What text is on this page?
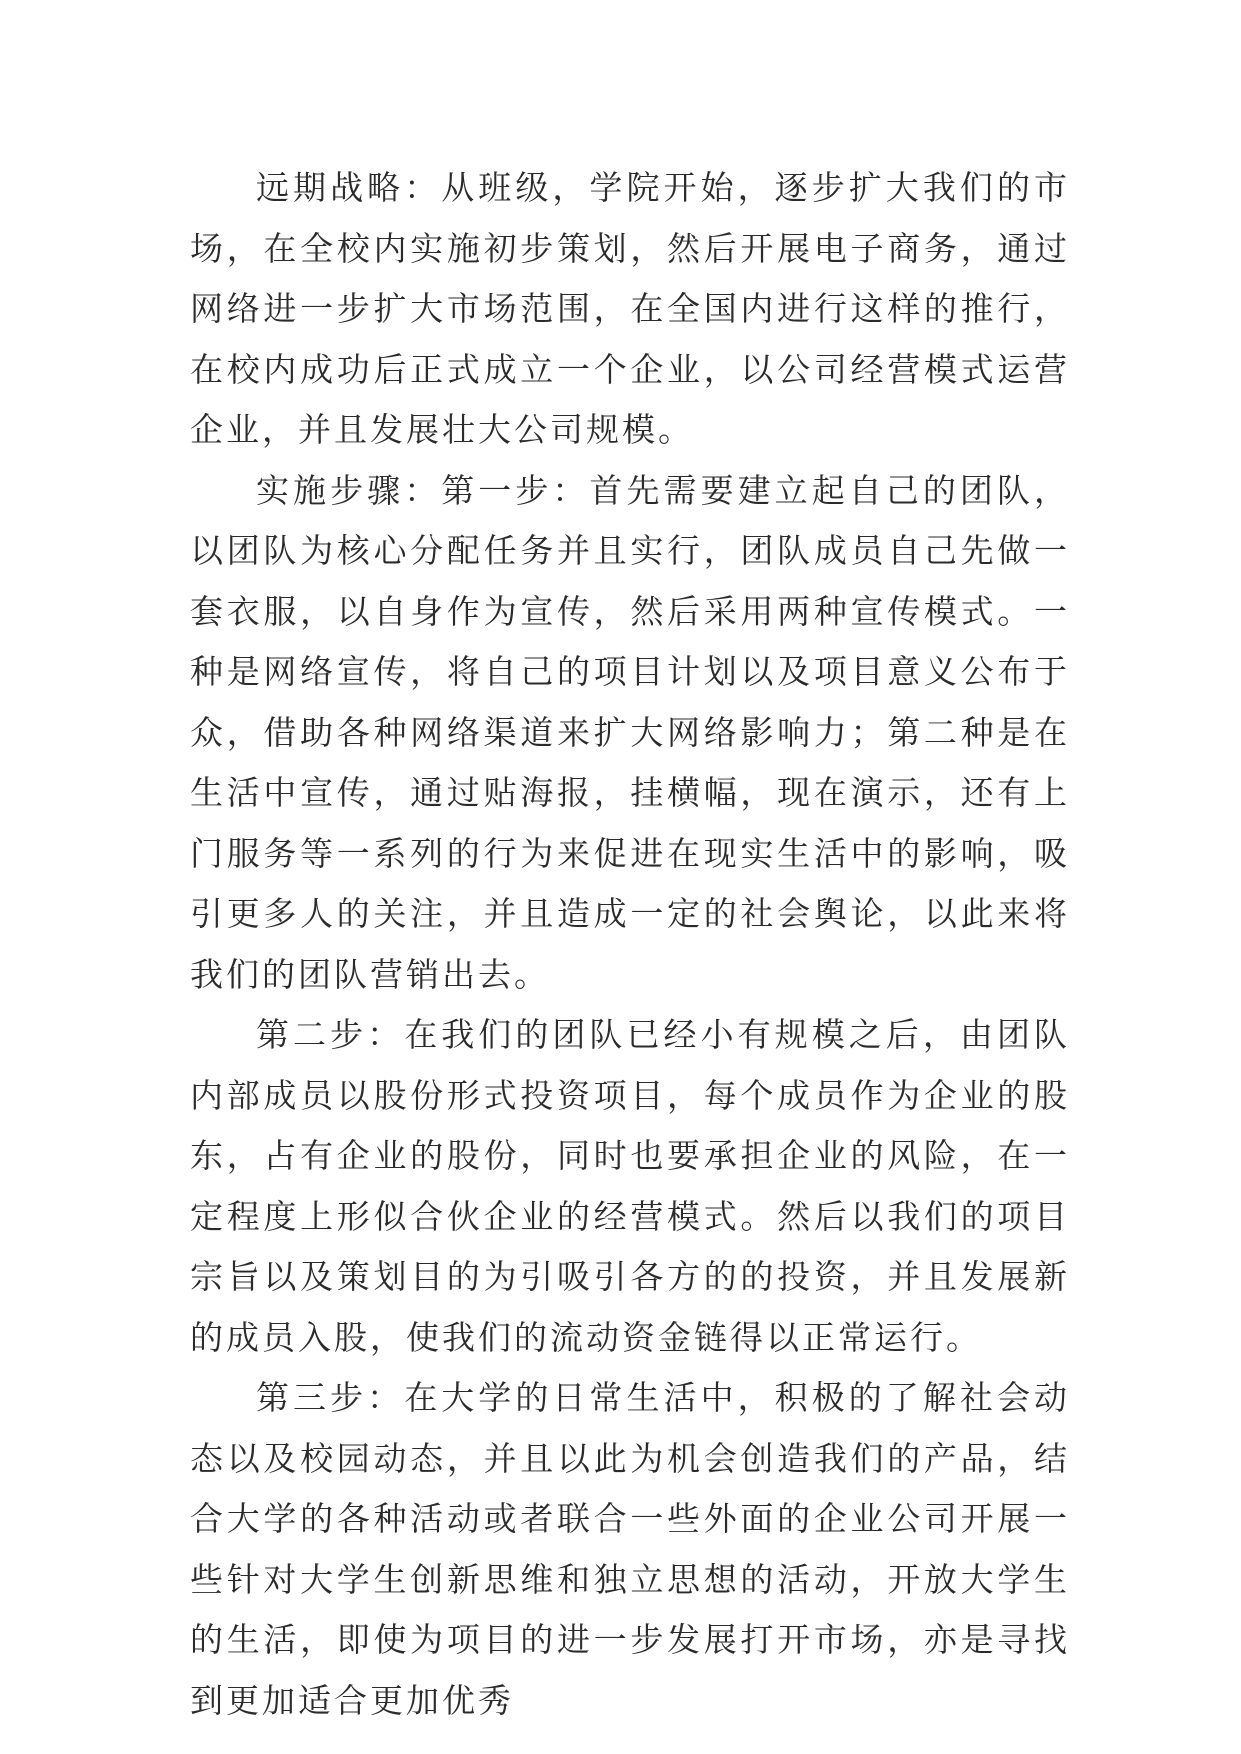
远期战略：从班级，学院开始，逐步扩大我们的市场，在全校内实施初步策划，然后开展电子商务，通过网络进一步扩大市场范围，在全国内进行这样的推行，在校内成功后正式成立一个企业，以公司经营模式运营企业，并且发展壮大公司规模。

实施步骤：第一步：首先需要建立起自己的团队，以团队为核心分配任务并且实行，团队成员自己先做一套衣服，以自身作为宣传，然后采用两种宣传模式。一种是网络宣传，将自己的项目计划以及项目意义公布于众，借助各种网络渠道来扩大网络影响力；第二种是在生活中宣传，通过贴海报，挂横幅，现在演示，还有上门服务等一系列的行为来促进在现实生活中的影响，吸引更多人的关注，并且造成一定的社会舆论，以此来将我们的团队营销出去。

第二步：在我们的团队已经小有规模之后，由团队内部成员以股份形式投资项目，每个成员作为企业的股东，占有企业的股份，同时也要承担企业的风险，在一定程度上形似合伙企业的经营模式。然后以我们的项目宗旨以及策划目的为引吸引各方的的投资，并且发展新的成员入股，使我们的流动资金链得以正常运行。

第三步：在大学的日常生活中，积极的了解社会动态以及校园动态，并且以此为机会创造我们的产品，结合大学的各种活动或者联合一些外面的企业公司开展一些针对大学生创新思维和独立思想的活动，开放大学生的生活，即使为项目的进一步发展打开市场，亦是寻找到更加适合更加优秀
